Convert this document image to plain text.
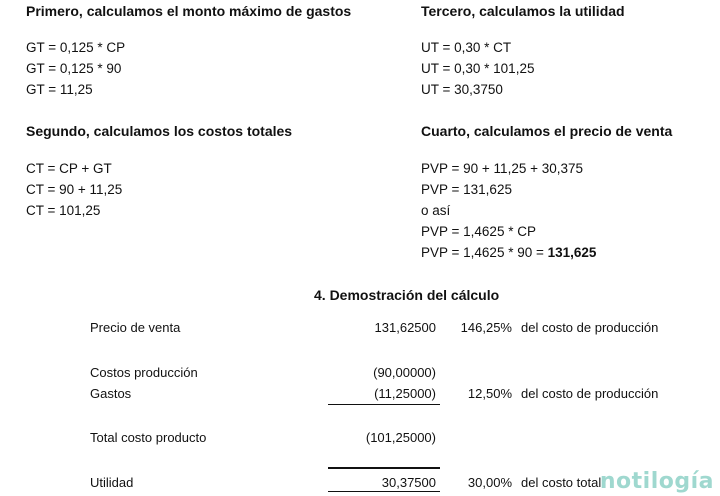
Primero, calculamos el monto máximo de gastos
GT = 0,125 * CP
GT = 0,125 * 90
GT = 11,25
Segundo, calculamos los costos totales
CT = CP + GT
CT = 90 + 11,25
CT = 101,25
Tercero, calculamos la utilidad
UT = 0,30 * CT
UT = 0,30 * 101,25
UT = 30,3750
Cuarto, calculamos el precio de venta
PVP = 90 + 11,25 + 30,375
PVP = 131,625
o así
PVP = 1,4625 * CP
PVP = 1,4625 * 90 = 131,625
4. Demostración del cálculo
Precio de venta	131,62500	146,25% del costo de producción
Costos producción	(90,00000)
Gastos	(11,25000)	12,50% del costo de producción
Total costo producto	(101,25000)
Utilidad	30,37500	30,00% del costo total
notilogía
